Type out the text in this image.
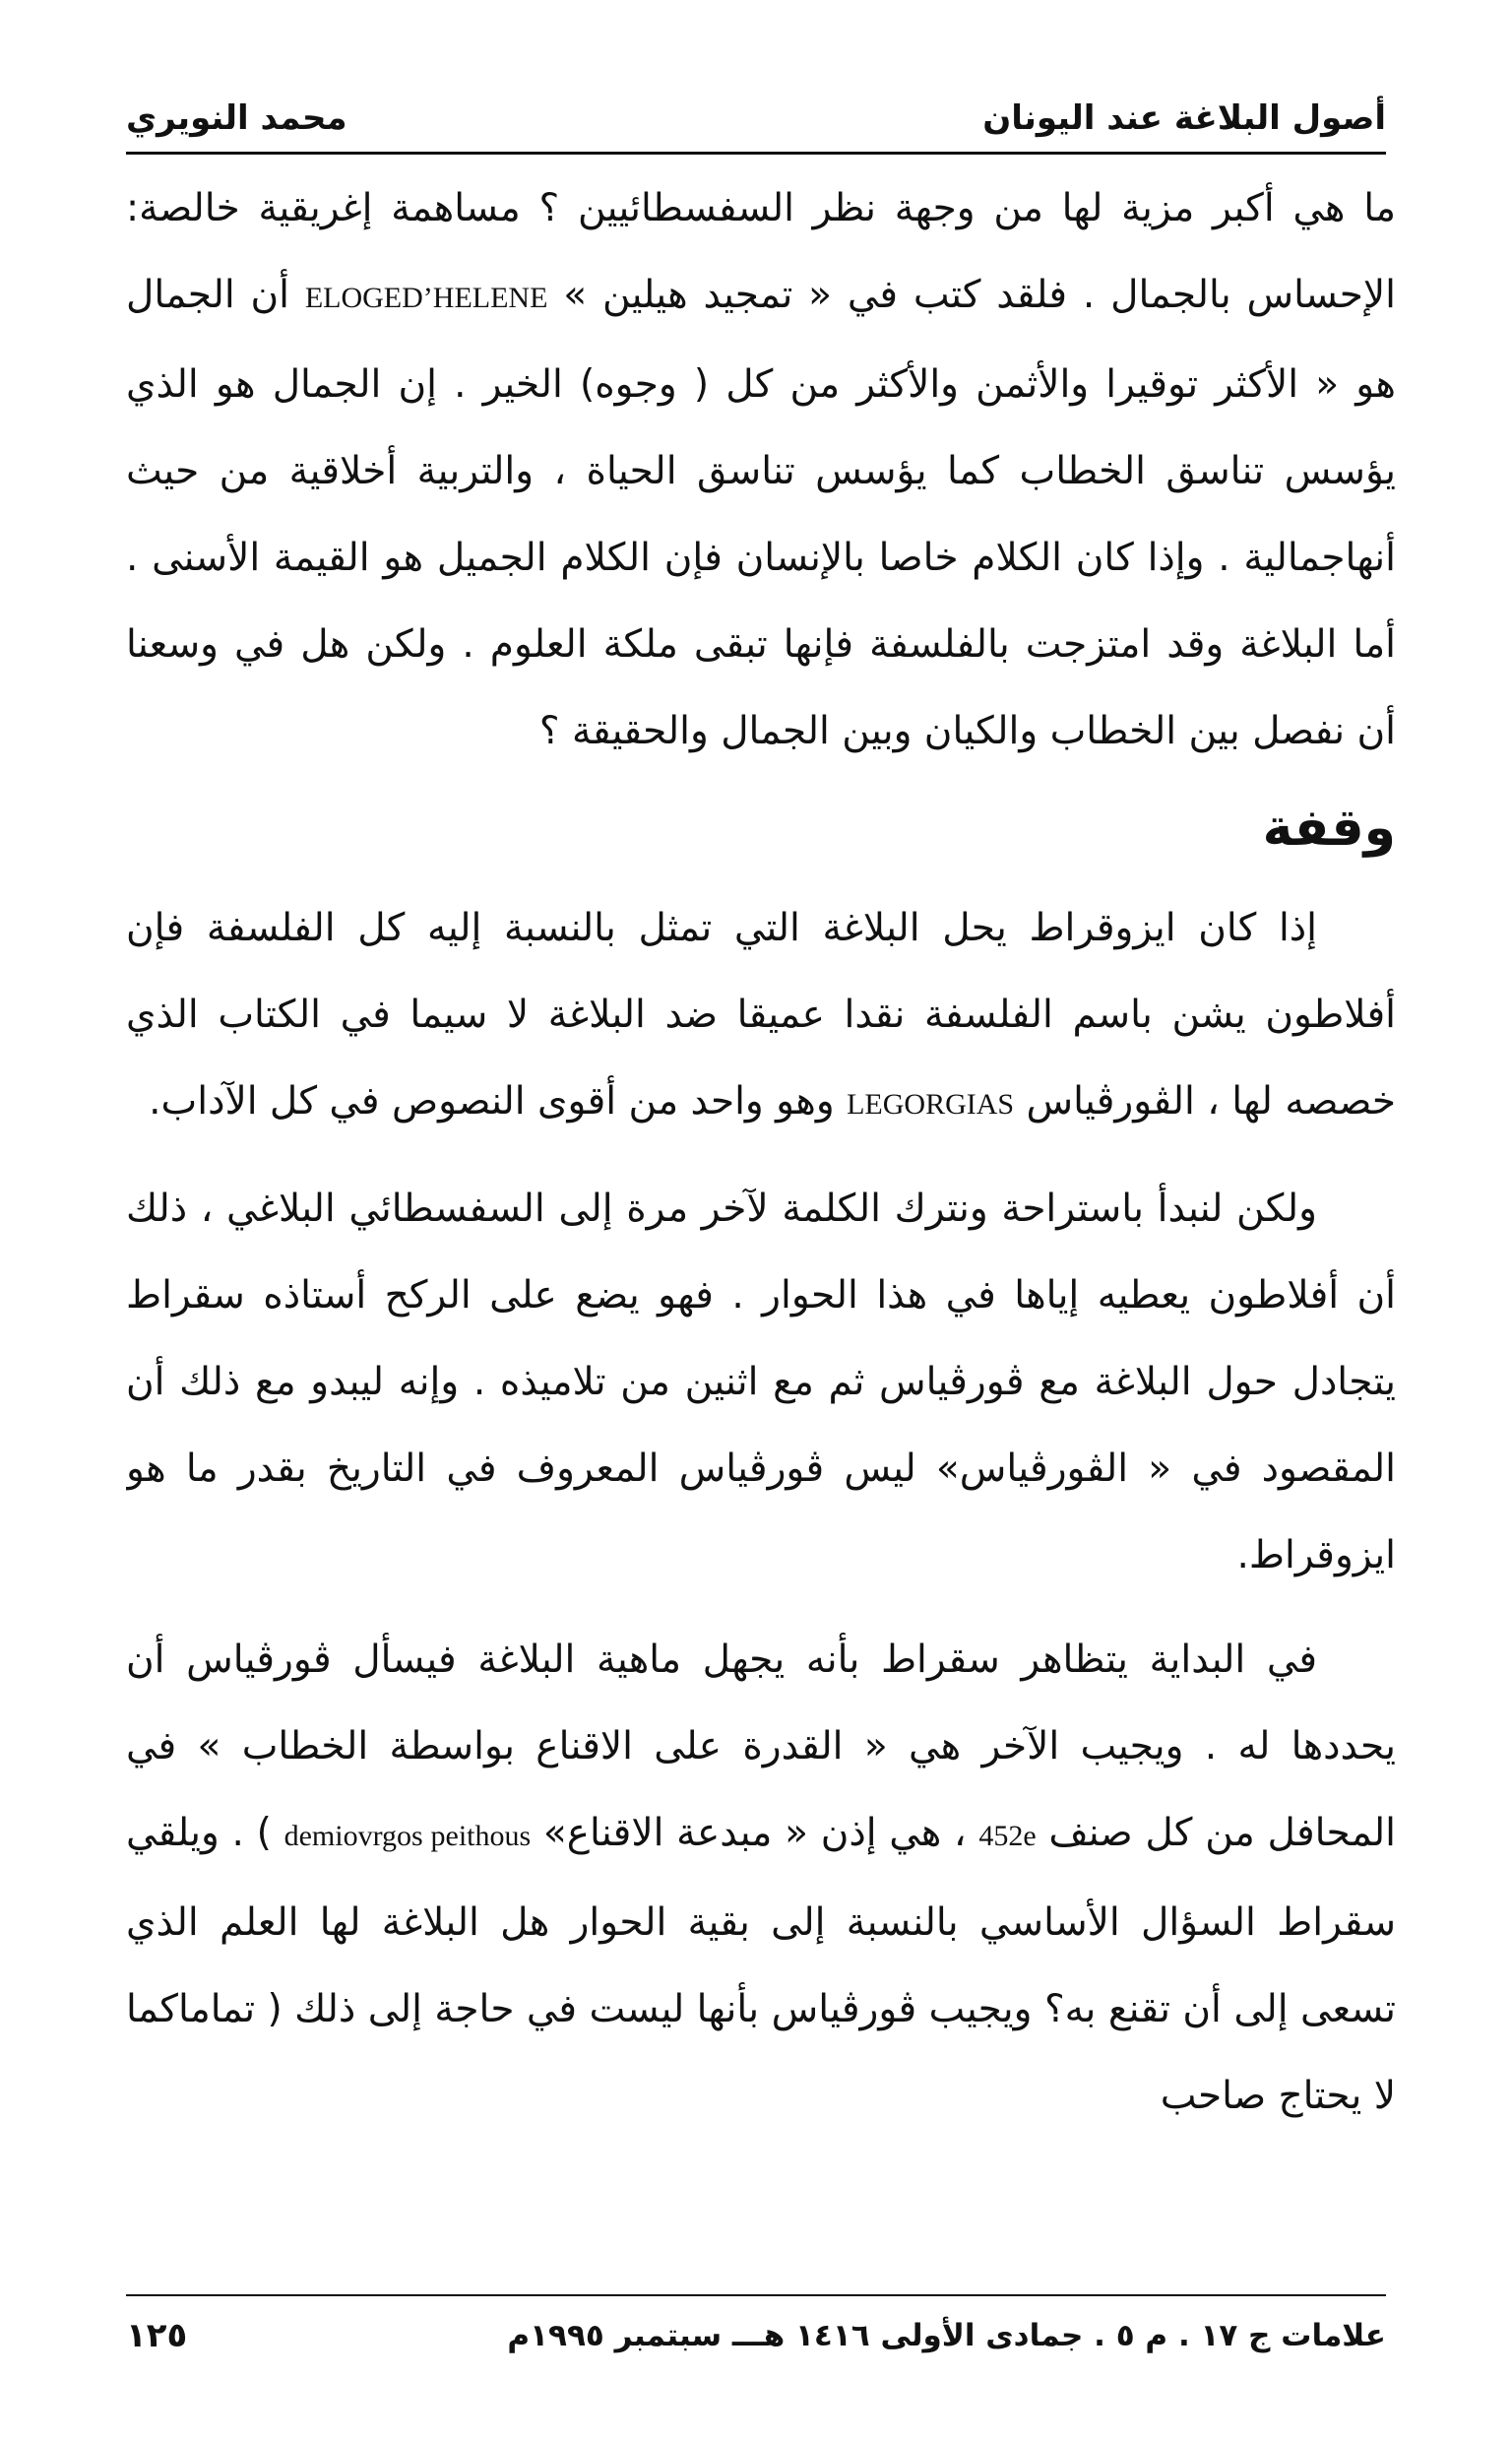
أصول البلاغة عند اليونان
محمد النويري

ما هي أكبر مزية لها من وجهة نظر السفسطائيين ؟ مساهمة إغريقية خالصة: الإحساس بالجمال . فلقد كتب في « تمجيد هيلين » ELOGED’HELENE أن الجمال هو « الأكثر توقيرا والأثمن والأكثر من كل ( وجوه) الخير . إن الجمال هو الذي يؤسس تناسق الخطاب كما يؤسس تناسق الحياة ، والتربية أخلاقية من حيث أنهاجمالية . وإذا كان الكلام خاصا بالإنسان فإن الكلام الجميل هو القيمة الأسنى . أما البلاغة وقد امتزجت بالفلسفة فإنها تبقى ملكة العلوم . ولكن هل في وسعنا أن نفصل بين الخطاب والكيان وبين الجمال والحقيقة ؟

وقفة

إذا كان ايزوقراط يحل البلاغة التي تمثل بالنسبة إليه كل الفلسفة فإن أفلاطون يشن باسم الفلسفة نقدا عميقا ضد البلاغة لا سيما في الكتاب الذي خصصه لها ، الڤورڤياس LEGORGIAS وهو واحد من أقوى النصوص في كل الآداب.

ولكن لنبدأ باستراحة ونترك الكلمة لآخر مرة إلى السفسطائي البلاغي ، ذلك أن أفلاطون يعطيه إياها في هذا الحوار . فهو يضع على الركح أستاذه سقراط يتجادل حول البلاغة مع ڤورڤياس ثم مع اثنين من تلاميذه . وإنه ليبدو مع ذلك أن المقصود في « الڤورڤياس» ليس ڤورڤياس المعروف في التاريخ بقدر ما هو ايزوقراط.

في البداية يتظاهر سقراط بأنه يجهل ماهية البلاغة فيسأل ڤورڤياس أن يحددها له . ويجيب الآخر هي « القدرة على الاقناع بواسطة الخطاب » في المحافل من كل صنف 452e ، هي إذن « مبدعة الاقناع» demiovrgos peithous ) . ويلقي سقراط السؤال الأساسي بالنسبة إلى بقية الحوار هل البلاغة لها العلم الذي تسعى إلى أن تقنع به؟ ويجيب ڤورڤياس بأنها ليست في حاجة إلى ذلك ( تماماكما لا يحتاج صاحب

علامات ج ١٧ . م ٥ . جمادى الأولى ١٤١٦ هـــ سبتمبر ١٩٩٥م
١٢٥
